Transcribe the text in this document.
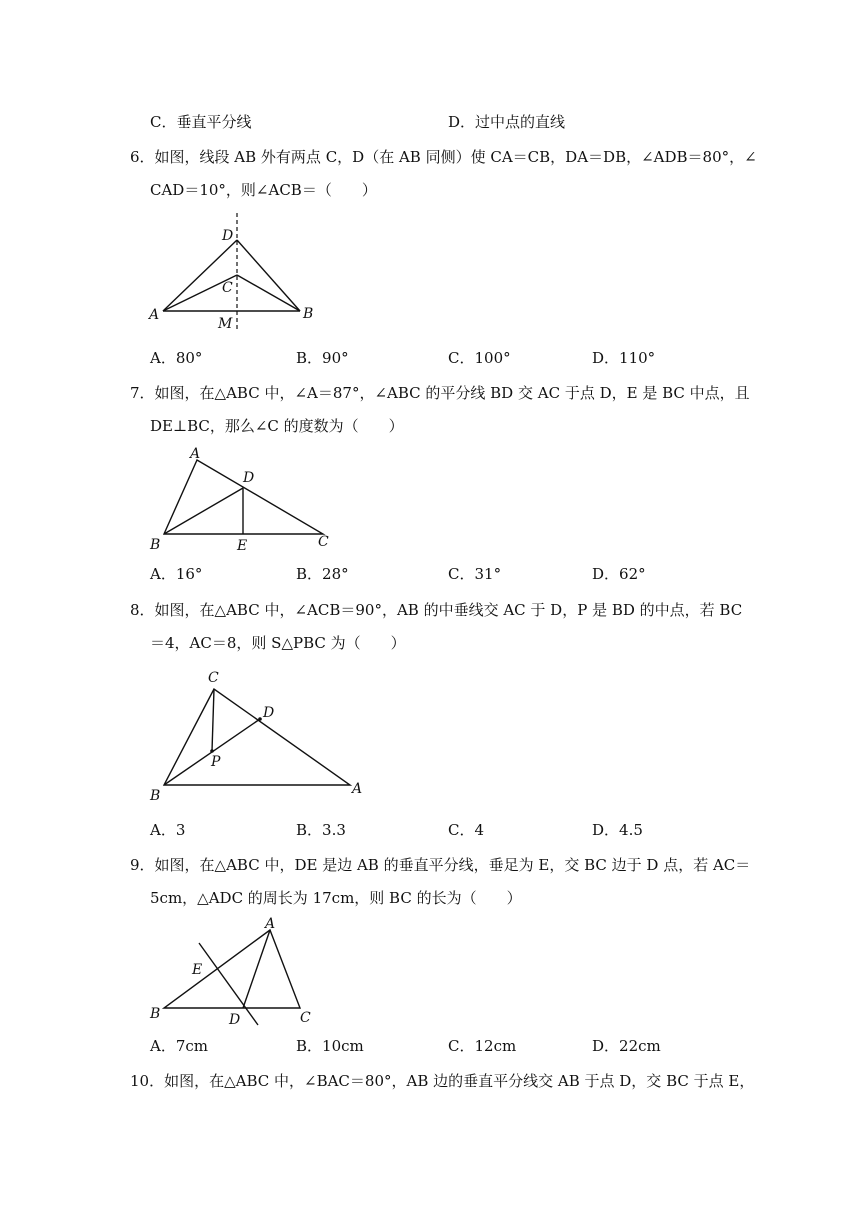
C．垂直平分线	D．过中点的直线
6．如图，线段 AB 外有两点 C，D（在 AB 同侧）使 CA＝CB，DA＝DB，∠ADB＝80°，∠
CAD＝10°，则∠ACB＝（　　）
D
C
A	B
M
A．80°	B．90°	C．100°	D．110°
7．如图，在△ABC 中，∠A＝87°，∠ABC 的平分线 BD 交 AC 于点 D，E 是 BC 中点，且
DE⊥BC，那么∠C 的度数为（　　）
A
D
B	E	C
A．16°	B．28°	C．31°	D．62°
8．如图，在△ABC 中，∠ACB＝90°，AB 的中垂线交 AC 于 D，P 是 BD 的中点，若 BC
＝4，AC＝8，则 S△PBC 为（　　）
C
D
P
B	A
A．3	B．3.3	C．4	D．4.5
9．如图，在△ABC 中，DE 是边 AB 的垂直平分线，垂足为 E，交 BC 边于 D 点，若 AC＝
5cm，△ADC 的周长为 17cm，则 BC 的长为（　　）
A
E
B	D	C
A．7cm	B．10cm	C．12cm	D．22cm
10．如图，在△ABC 中，∠BAC＝80°，AB 边的垂直平分线交 AB 于点 D，交 BC 于点 E，
